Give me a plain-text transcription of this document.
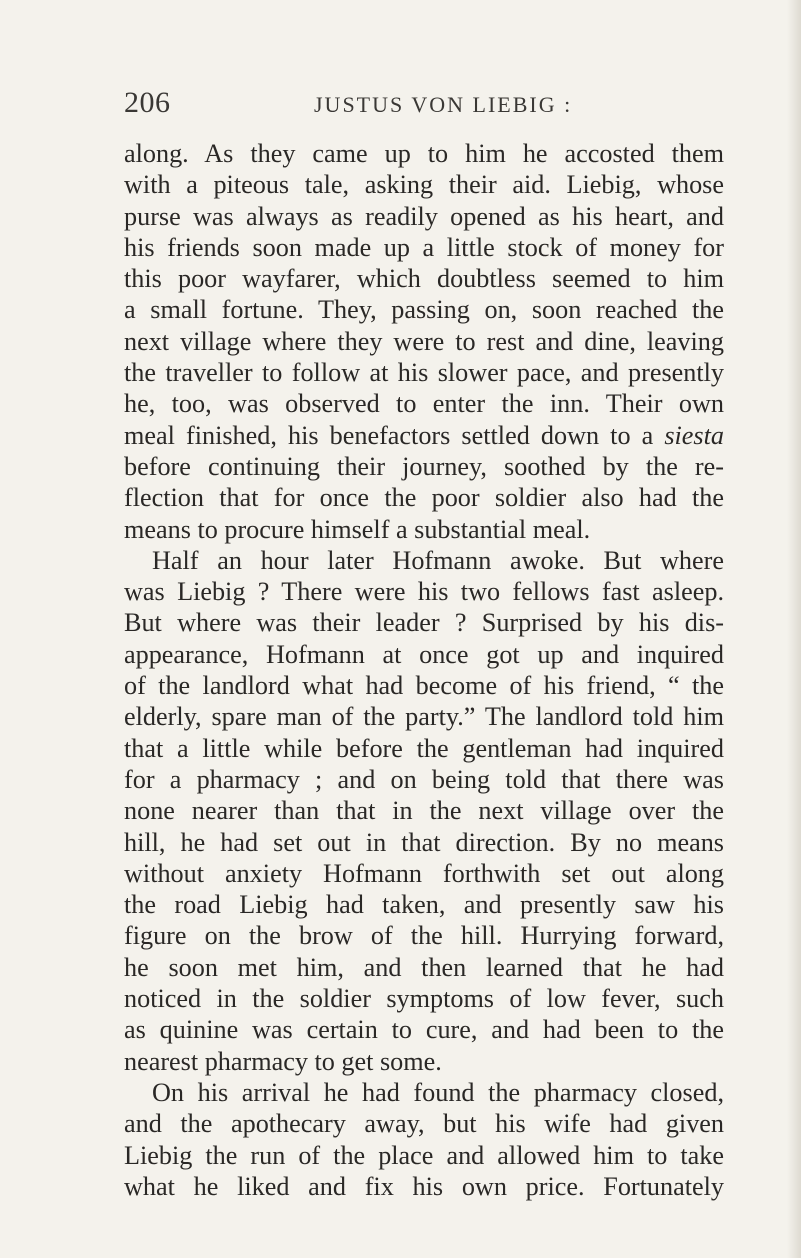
206	JUSTUS VON LIEBIG :
along. As they came up to him he accosted them
with a piteous tale, asking their aid. Liebig, whose
purse was always as readily opened as his heart, and
his friends soon made up a little stock of money for
this poor wayfarer, which doubtless seemed to him
a small fortune. They, passing on, soon reached the
next village where they were to rest and dine, leaving
the traveller to follow at his slower pace, and presently
he, too, was observed to enter the inn. Their own
meal finished, his benefactors settled down to a siesta
before continuing their journey, soothed by the re-
flection that for once the poor soldier also had the
means to procure himself a substantial meal.
Half an hour later Hofmann awoke. But where
was Liebig ? There were his two fellows fast asleep.
But where was their leader ? Surprised by his dis-
appearance, Hofmann at once got up and inquired
of the landlord what had become of his friend, “ the
elderly, spare man of the party.” The landlord told him
that a little while before the gentleman had inquired
for a pharmacy ; and on being told that there was
none nearer than that in the next village over the
hill, he had set out in that direction. By no means
without anxiety Hofmann forthwith set out along
the road Liebig had taken, and presently saw his
figure on the brow of the hill. Hurrying forward,
he soon met him, and then learned that he had
noticed in the soldier symptoms of low fever, such
as quinine was certain to cure, and had been to the
nearest pharmacy to get some.
On his arrival he had found the pharmacy closed,
and the apothecary away, but his wife had given
Liebig the run of the place and allowed him to take
what he liked and fix his own price. Fortunately
